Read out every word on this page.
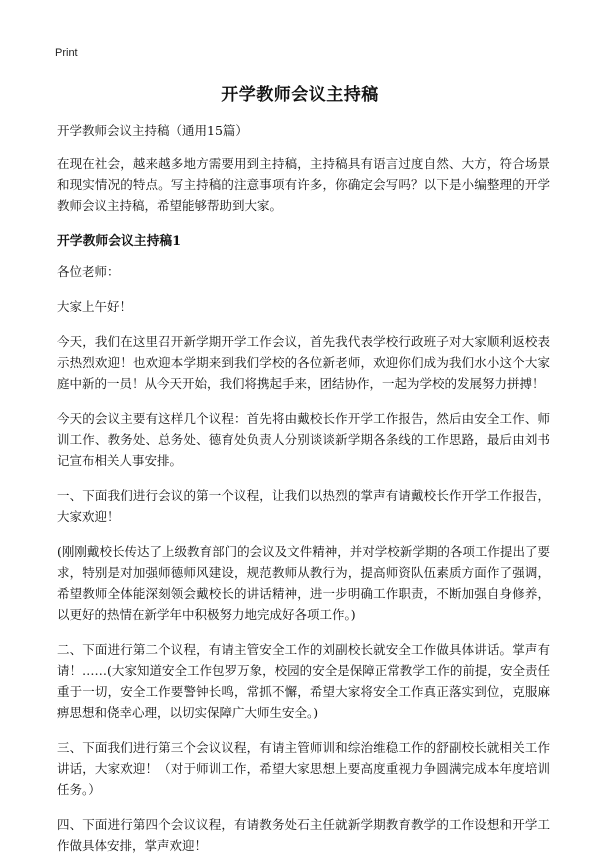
Print
开学教师会议主持稿

开学教师会议主持稿（通用15篇）

在现在社会，越来越多地方需要用到主持稿，主持稿具有语言过度自然、大方，符合场景和现实情况的特点。写主持稿的注意事项有许多，你确定会写吗？以下是小编整理的开学教师会议主持稿，希望能够帮助到大家。

开学教师会议主持稿1

各位老师：

大家上午好！

今天，我们在这里召开新学期开学工作会议，首先我代表学校行政班子对大家顺利返校表示热烈欢迎！也欢迎本学期来到我们学校的各位新老师，欢迎你们成为我们水小这个大家庭中新的一员！从今天开始，我们将携起手来，团结协作，一起为学校的发展努力拼搏！

今天的会议主要有这样几个议程：首先将由戴校长作开学工作报告，然后由安全工作、师训工作、教务处、总务处、德育处负责人分别谈谈新学期各条线的工作思路，最后由刘书记宣布相关人事安排。

一、下面我们进行会议的第一个议程，让我们以热烈的掌声有请戴校长作开学工作报告，大家欢迎！

(刚刚戴校长传达了上级教育部门的会议及文件精神，并对学校新学期的各项工作提出了要求，特别是对加强师德师风建设，规范教师从教行为，提高师资队伍素质方面作了强调，希望教师全体能深刻领会戴校长的讲话精神，进一步明确工作职责，不断加强自身修养，以更好的热情在新学年中积极努力地完成好各项工作。)

二、下面进行第二个议程，有请主管安全工作的刘副校长就安全工作做具体讲话。掌声有请！……(大家知道安全工作包罗万象，校园的安全是保障正常教学工作的前提，安全责任重于一切，安全工作要警钟长鸣，常抓不懈，希望大家将安全工作真正落实到位，克服麻痹思想和侥幸心理，以切实保障广大师生安全。)

三、下面我们进行第三个会议议程，有请主管师训和综治维稳工作的舒副校长就相关工作讲话，大家欢迎！（对于师训工作，希望大家思想上要高度重视力争圆满完成本年度培训任务。）

四、下面进行第四个会议议程，有请教务处石主任就新学期教育教学的工作设想和开学工作做具体安排，掌声欢迎！
